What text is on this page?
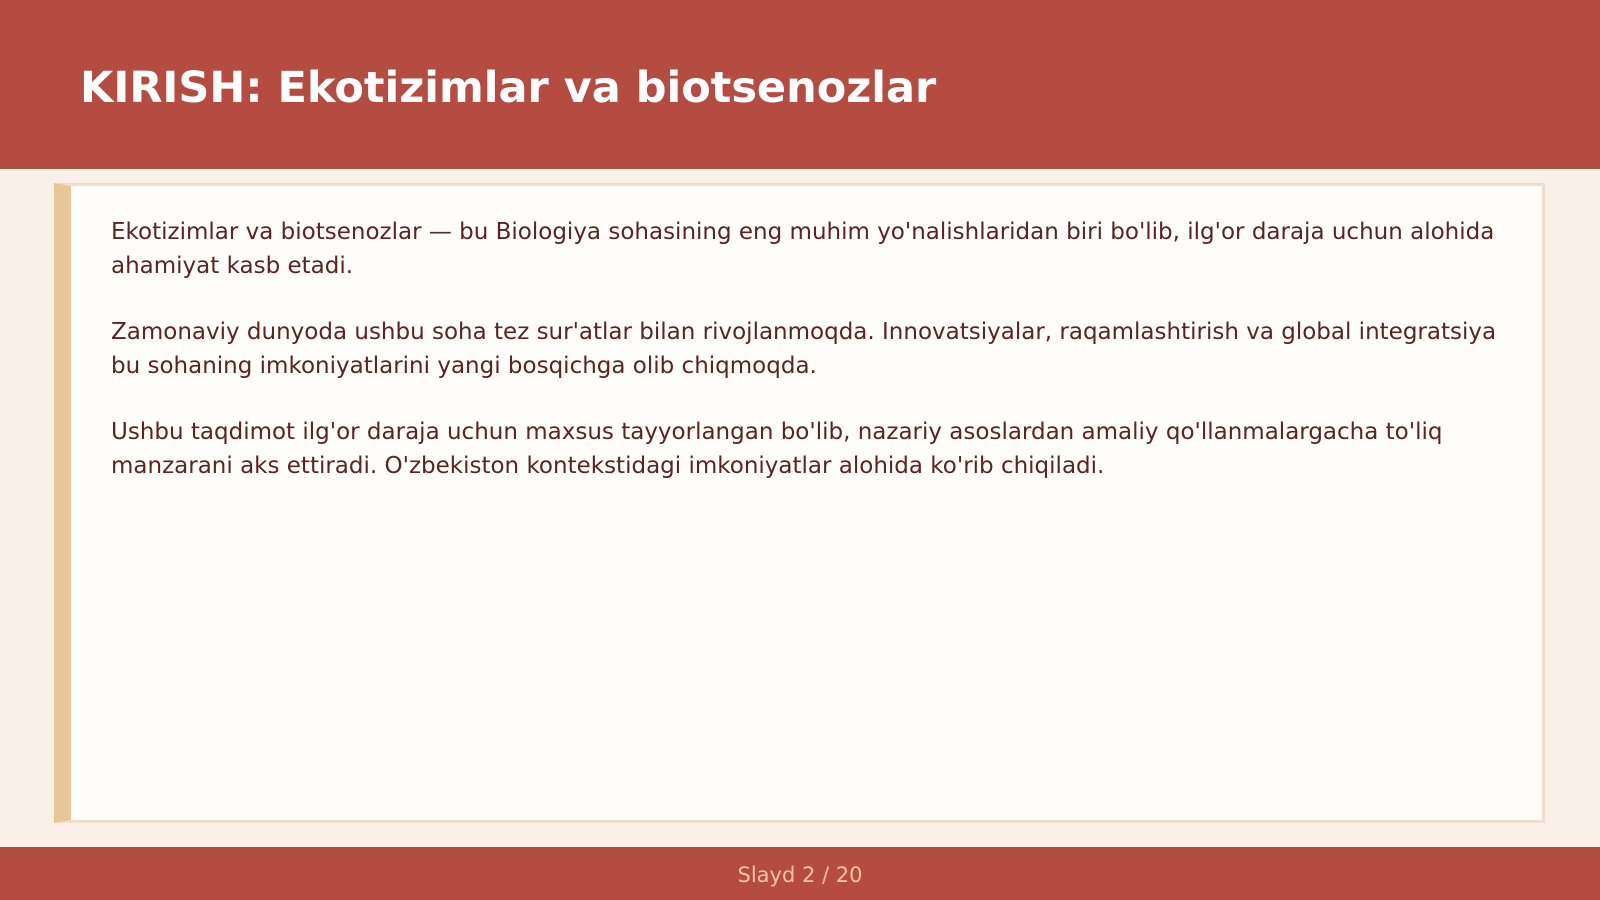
KIRISH: Ekotizimlar va biotsenozlar

Ekotizimlar va biotsenozlar — bu Biologiya sohasining eng muhim yo'nalishlaridan biri bo'lib, ilg'or daraja uchun alohida ahamiyat kasb etadi.

Zamonaviy dunyoda ushbu soha tez sur'atlar bilan rivojlanmoqda. Innovatsiyalar, raqamlashtirish va global integratsiya bu sohaning imkoniyatlarini yangi bosqichga olib chiqmoqda.

Ushbu taqdimot ilg'or daraja uchun maxsus tayyorlangan bo'lib, nazariy asoslardan amaliy qo'llanmalargacha to'liq manzarani aks ettiradi. O'zbekiston kontekstidagi imkoniyatlar alohida ko'rib chiqiladi.

Slayd 2 / 20
